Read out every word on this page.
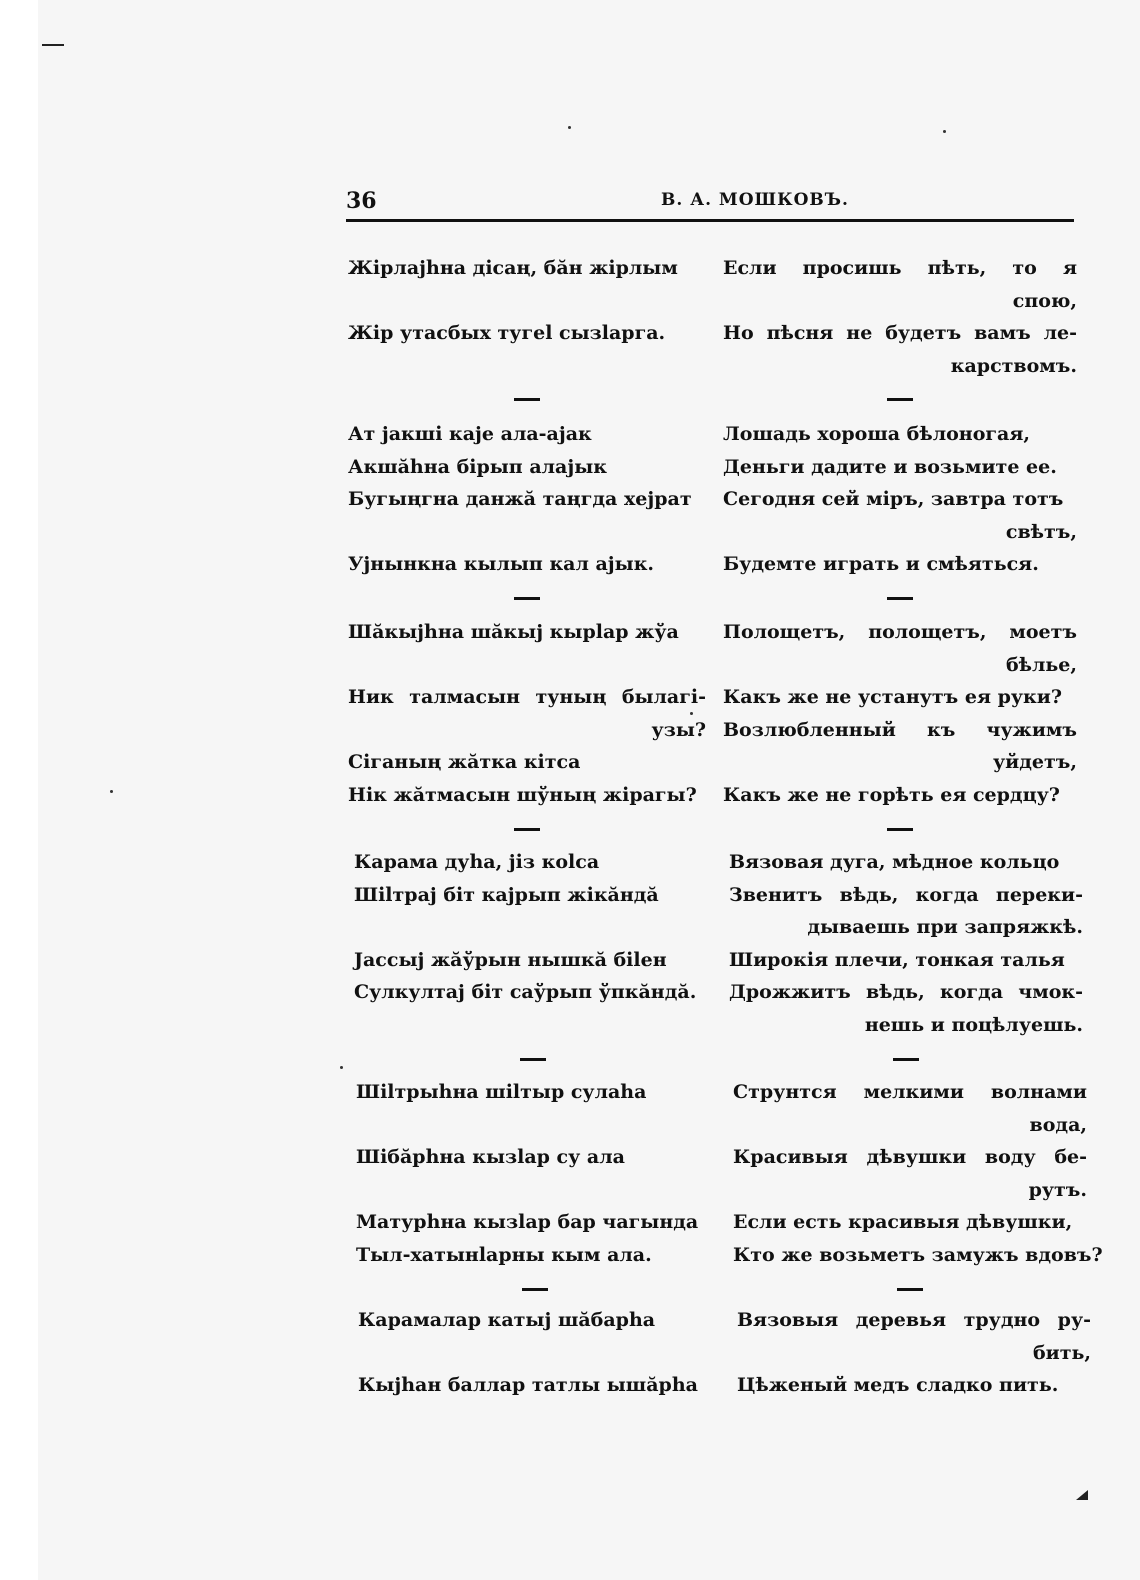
36	В. А. МОШКОВЪ.
Жірлајhна дісаң, бăн жірлым
Жір утасбых тугеl сызlарга.
Если просишь пѣть, то я
спою,
Но пѣсня не будетъ вамъ ле-
карствомъ.
Ат јакші каје ала-ајак
Акшăhна бірып алајык
Бугыңгна данжă таңгда хејрат
Ујнынкна кылып кал ајык.
Лошадь хороша бѣлоногая,
Деньги дадите и возьмите ее.
Сегодня сей міръ, завтра тотъ
свѣтъ,
Будемте играть и смѣяться.
Шăкыјhна шăкыј кырlар жўа
Ник талмасын туның былагі-
узы?
Сіганың жăтка кітса
Нік жăтмасын шўның жірагы?
Полощетъ, полощетъ, моетъ
бѣлье,
Какъ же не устанутъ ея руки?
Возлюбленный къ чужимъ
уйдетъ,
Какъ же не горѣть ея сердцу?
Карама дуhа, јіз коlса
Шіlтрај біт кајрып жікăндă
Јассыј жăўрын нышкă біlен
Сулкултај біт саўрып ўпкăндă.
Вязовая дуга, мѣдное кольцо
Звенитъ вѣдь, когда переки-
дываешь при запряжкѣ.
Широкія плечи, тонкая талья
Дрожжитъ вѣдь, когда чмок-
нешь и поцѣлуешь.
Шіlтрыhна шіlтыр сулаhа
Шібăрhна кызlар су ала
Матурhна кызlар бар чагында
Тыл-хатынlарны кым ала.
Струнтся мелкими волнами
вода,
Красивыя дѣвушки воду бе-
рутъ.
Если есть красивыя дѣвушки,
Кто же возьметъ замужъ вдовъ?
Карамалар катыј шăбарhа
Кыјhан баллар татлы ышăрhа
Вязовыя деревья трудно ру-
бить,
Цѣженый медъ сладко пить.
